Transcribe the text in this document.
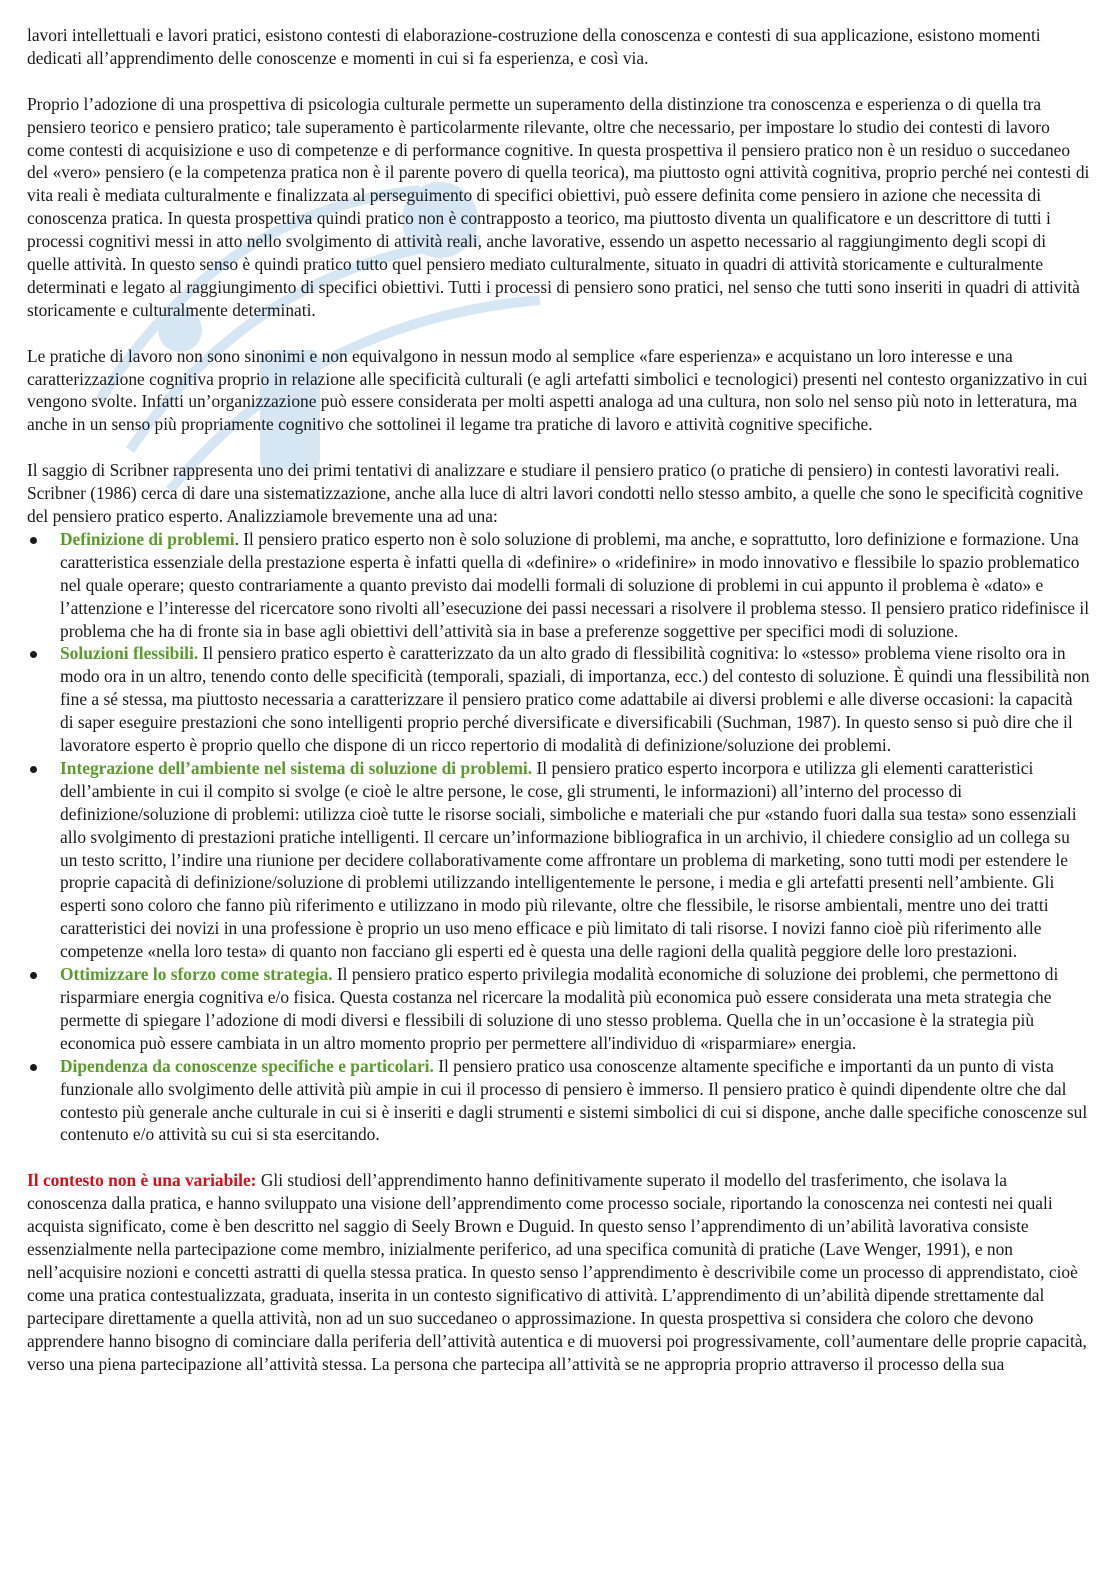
lavori intellettuali e lavori pratici, esistono contesti di elaborazione-costruzione della conoscenza e contesti di sua applicazione, esistono momenti dedicati all’apprendimento delle conoscenze e momenti in cui si fa esperienza, e così via.

Proprio l’adozione di una prospettiva di psicologia culturale permette un superamento della distinzione tra conoscenza e esperienza o di quella tra pensiero teorico e pensiero pratico; tale superamento è particolarmente rilevante, oltre che necessario, per impostare lo studio dei contesti di lavoro come contesti di acquisizione e uso di competenze e di performance cognitive. In questa prospettiva il pensiero pratico non è un residuo o succedaneo del «vero» pensiero (e la competenza pratica non è il parente povero di quella teorica), ma piuttosto ogni attività cognitiva, proprio perché nei contesti di vita reali è mediata culturalmente e finalizzata al perseguimento di specifici obiettivi, può essere definita come pensiero in azione che necessita di conoscenza pratica. In questa prospettiva quindi pratico non è contrapposto a teorico, ma piuttosto diventa un qualificatore e un descrittore di tutti i processi cognitivi messi in atto nello svolgimento di attività reali, anche lavorative, essendo un aspetto necessario al raggiungimento degli scopi di quelle attività. In questo senso è quindi pratico tutto quel pensiero mediato culturalmente, situato in quadri di attività storicamente e culturalmente determinati e legato al raggiungimento di specifici obiettivi. Tutti i processi di pensiero sono pratici, nel senso che tutti sono inseriti in quadri di attività storicamente e culturalmente determinati.

Le pratiche di lavoro non sono sinonimi e non equivalgono in nessun modo al semplice «fare esperienza» e acquistano un loro interesse e una caratterizzazione cognitiva proprio in relazione alle specificità culturali (e agli artefatti simbolici e tecnologici) presenti nel contesto organizzativo in cui vengono svolte. Infatti un’organizzazione può essere considerata per molti aspetti analoga ad una cultura, non solo nel senso più noto in letteratura, ma anche in un senso più propriamente cognitivo che sottolinei il legame tra pratiche di lavoro e attività cognitive specifiche.

Il saggio di Scribner rappresenta uno dei primi tentativi di analizzare e studiare il pensiero pratico (o pratiche di pensiero) in contesti lavorativi reali. Scribner (1986) cerca di dare una sistematizzazione, anche alla luce di altri lavori condotti nello stesso ambito, a quelle che sono le specificità cognitive del pensiero pratico esperto. Analizziamole brevemente una ad una:

Definizione di problemi. Il pensiero pratico esperto non è solo soluzione di problemi, ma anche, e soprattutto, loro definizione e formazione. Una caratteristica essenziale della prestazione esperta è infatti quella di «definire» o «ridefinire» in modo innovativo e flessibile lo spazio problematico nel quale operare; questo contrariamente a quanto previsto dai modelli formali di soluzione di problemi in cui appunto il problema è «dato» e l’attenzione e l’interesse del ricercatore sono rivolti all’esecuzione dei passi necessari a risolvere il problema stesso. Il pensiero pratico ridefinisce il problema che ha di fronte sia in base agli obiettivi dell’attività sia in base a preferenze soggettive per specifici modi di soluzione.
Soluzioni flessibili. Il pensiero pratico esperto è caratterizzato da un alto grado di flessibilità cognitiva: lo «stesso» problema viene risolto ora in modo ora in un altro, tenendo conto delle specificità (temporali, spaziali, di importanza, ecc.) del contesto di soluzione. È quindi una flessibilità non fine a sé stessa, ma piuttosto necessaria a caratterizzare il pensiero pratico come adattabile ai diversi problemi e alle diverse occasioni: la capacità di saper eseguire prestazioni che sono intelligenti proprio perché diversificate e diversificabili (Suchman, 1987). In questo senso si può dire che il lavoratore esperto è proprio quello che dispone di un ricco repertorio di modalità di definizione/soluzione dei problemi.
Integrazione dell’ambiente nel sistema di soluzione di problemi. Il pensiero pratico esperto incorpora e utilizza gli elementi caratteristici dell’ambiente in cui il compito si svolge (e cioè le altre persone, le cose, gli strumenti, le informazioni) all’interno del processo di definizione/soluzione di problemi: utilizza cioè tutte le risorse sociali, simboliche e materiali che pur «stando fuori dalla sua testa» sono essenziali allo svolgimento di prestazioni pratiche intelligenti. Il cercare un’informazione bibliografica in un archivio, il chiedere consiglio ad un collega su un testo scritto, l’indire una riunione per decidere collaborativamente come affrontare un problema di marketing, sono tutti modi per estendere le proprie capacità di definizione/soluzione di problemi utilizzando intelligentemente le persone, i media e gli artefatti presenti nell’ambiente. Gli esperti sono coloro che fanno più riferimento e utilizzano in modo più rilevante, oltre che flessibile, le risorse ambientali, mentre uno dei tratti caratteristici dei novizi in una professione è proprio un uso meno efficace e più limitato di tali risorse. I novizi fanno cioè più riferimento alle competenze «nella loro testa» di quanto non facciano gli esperti ed è questa una delle ragioni della qualità peggiore delle loro prestazioni.
Ottimizzare lo sforzo come strategia. Il pensiero pratico esperto privilegia modalità economiche di soluzione dei problemi, che permettono di risparmiare energia cognitiva e/o fisica. Questa costanza nel ricercare la modalità più economica può essere considerata una meta strategia che permette di spiegare l’adozione di modi diversi e flessibili di soluzione di uno stesso problema. Quella che in un’occasione è la strategia più economica può essere cambiata in un altro momento proprio per permettere all'individuo di «risparmiare» energia.
Dipendenza da conoscenze specifiche e particolari. Il pensiero pratico usa conoscenze altamente specifiche e importanti da un punto di vista funzionale allo svolgimento delle attività più ampie in cui il processo di pensiero è immerso. Il pensiero pratico è quindi dipendente oltre che dal contesto più generale anche culturale in cui si è inseriti e dagli strumenti e sistemi simbolici di cui si dispone, anche dalle specifiche conoscenze sul contenuto e/o attività su cui si sta esercitando.

Il contesto non è una variabile: Gli studiosi dell’apprendimento hanno definitivamente superato il modello del trasferimento, che isolava la conoscenza dalla pratica, e hanno sviluppato una visione dell’apprendimento come processo sociale, riportando la conoscenza nei contesti nei quali acquista significato, come è ben descritto nel saggio di Seely Brown e Duguid. In questo senso l’apprendimento di un’abilità lavorativa consiste essenzialmente nella partecipazione come membro, inizialmente periferico, ad una specifica comunità di pratiche (Lave Wenger, 1991), e non nell’acquisire nozioni e concetti astratti di quella stessa pratica. In questo senso l’apprendimento è descrivibile come un processo di apprendistato, cioè come una pratica contestualizzata, graduata, inserita in un contesto significativo di attività. L’apprendimento di un’abilità dipende strettamente dal partecipare direttamente a quella attività, non ad un suo succedaneo o approssimazione. In questa prospettiva si considera che coloro che devono apprendere hanno bisogno di cominciare dalla periferia dell’attività autentica e di muoversi poi progressivamente, coll’aumentare delle proprie capacità, verso una piena partecipazione all’attività stessa. La persona che partecipa all’attività se ne appropria proprio attraverso il processo della sua
